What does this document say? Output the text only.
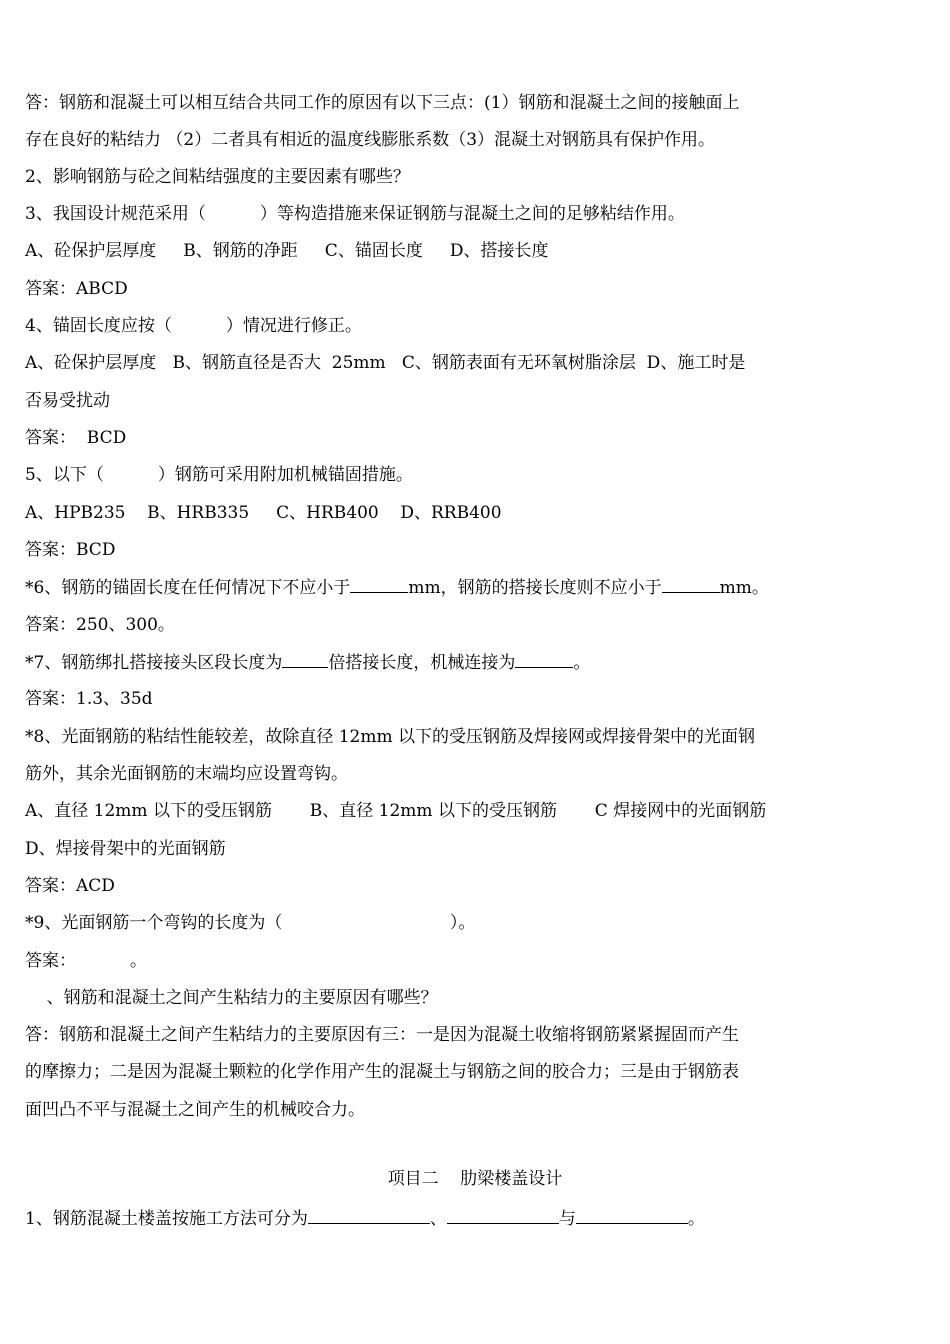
答：钢筋和混凝土可以相互结合共同工作的原因有以下三点：(1）钢筋和混凝土之间的接触面上
存在良好的粘结力 （2）二者具有相近的温度线膨胀系数（3）混凝土对钢筋具有保护作用。
2、影响钢筋与砼之间粘结强度的主要因素有哪些？
3、我国设计规范采用（          ）等构造措施来保证钢筋与混凝土之间的足够粘结作用。
A、砼保护层厚度     B、钢筋的净距     C、锚固长度     D、搭接长度
答案：ABCD
4、锚固长度应按（          ）情况进行修正。
A、砼保护层厚度   B、钢筋直径是否大  25mm   C、钢筋表面有无环氧树脂涂层  D、施工时是
否易受扰动
答案：  BCD
5、以下（          ）钢筋可采用附加机械锚固措施。
A、HPB235    B、HRB335     C、HRB400    D、RRB400
答案：BCD
*6、钢筋的锚固长度在任何情况下不应小于	mm，钢筋的搭接长度则不应小于	mm。
答案：250、300。
*7、钢筋绑扎搭接接头区段长度为	倍搭接长度，机械连接为	。
答案：1.3、35d
*8、光面钢筋的粘结性能较差，故除直径 12mm 以下的受压钢筋及焊接网或焊接骨架中的光面钢
筋外，其余光面钢筋的末端均应设置弯钩。
A、直径 12mm 以下的受压钢筋       B、直径 12mm 以下的受压钢筋       C 焊接网中的光面钢筋
D、焊接骨架中的光面钢筋
答案：ACD
*9、光面钢筋一个弯钩的长度为（                               ）。
答案：          。
、钢筋和混凝土之间产生粘结力的主要原因有哪些？
答：钢筋和混凝土之间产生粘结力的主要原因有三：一是因为混凝土收缩将钢筋紧紧握固而产生
的摩擦力；二是因为混凝土颗粒的化学作用产生的混凝土与钢筋之间的胶合力；三是由于钢筋表
面凹凸不平与混凝土之间产生的机械咬合力。
项目二    肋梁楼盖设计
1、钢筋混凝土楼盖按施工方法可分为	、	与	。
